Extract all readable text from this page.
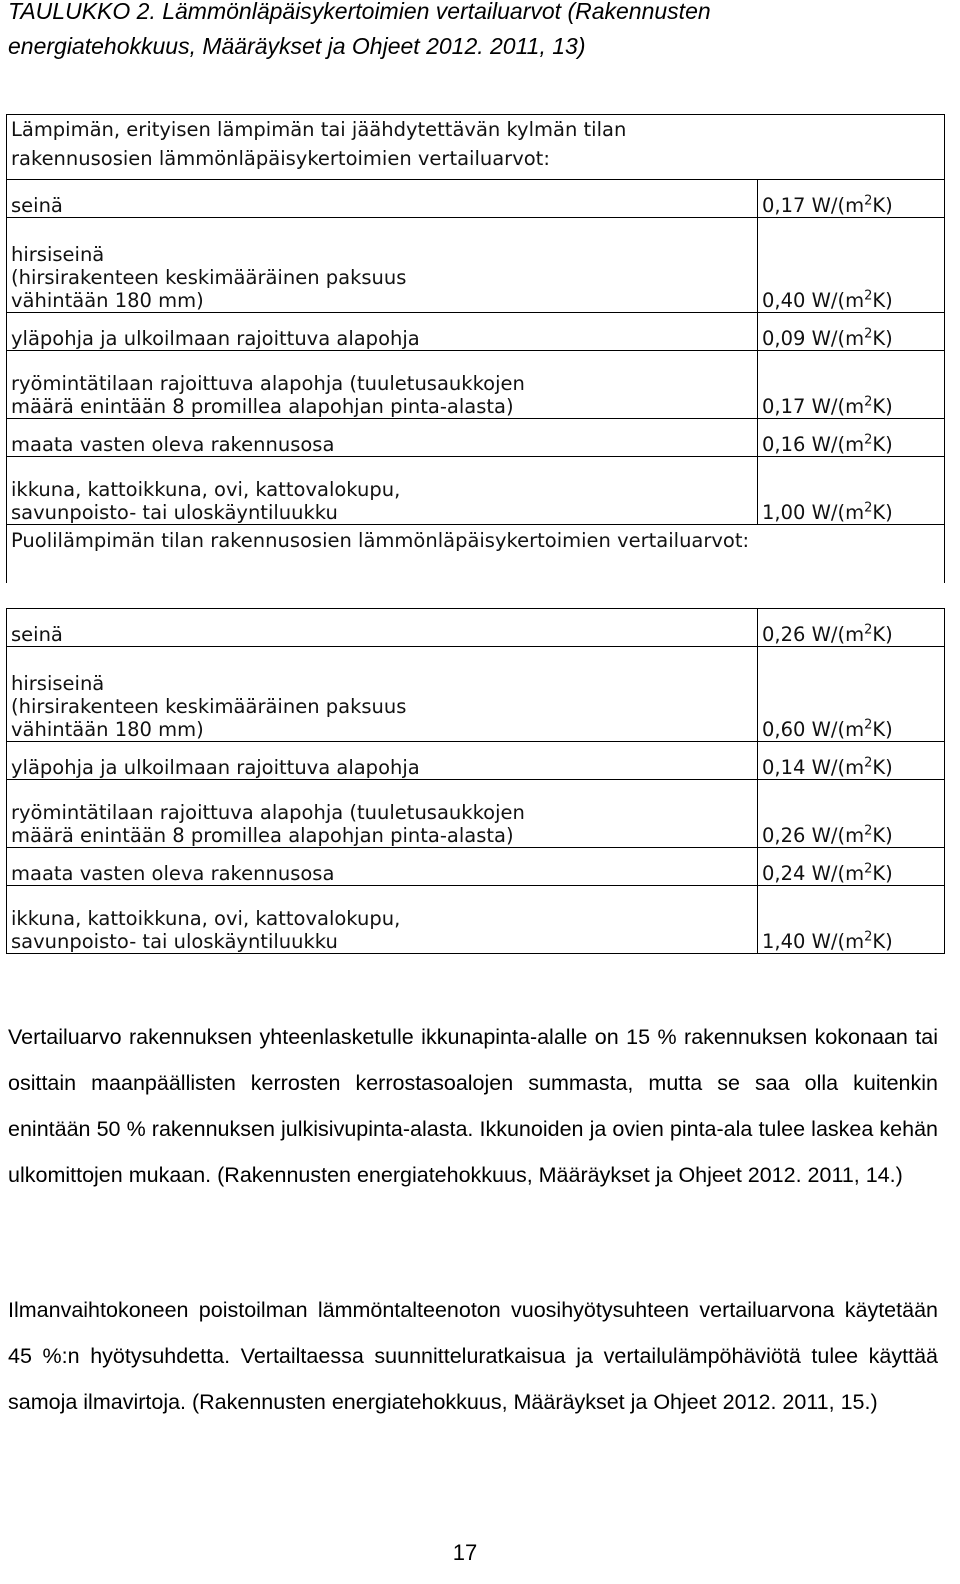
TAULUKKO 2. Lämmönläpäisykertoimien vertailuarvot (Rakennusten
energiatehokkuus, Määräykset ja Ohjeet 2012. 2011, 13)
Lämpimän, erityisen lämpimän tai jäähdytettävän kylmän tilan
rakennusosien lämmönläpäisykertoimien vertailuarvot:	
seinä	0,17 $W/(m^2K)$
hirsiseinä
(hirsirakenteen keskimääräinen paksuus
vähintään 180 mm)	0,40 $W/(m^2K)$
yläpohja ja ulkoilmaan rajoittuva alapohja	0,09 $W/(m^2K)$
ryömintätilaan rajoittuva alapohja (tuuletusaukkojen
määrä enintään 8 promillea alapohjan pinta-alasta)	0,17 $W/(m^2K)$
maata vasten oleva rakennusosa	0,16 $W/(m^2K)$
ikkuna, kattoikkuna, ovi, kattovalokupu,
savunpoisto- tai uloskäyntiluukku	1,00 $W/(m^2K)$
Puolilämpimän tilan rakennusosien lämmönläpäisykertoimien vertailuarvot:	
seinä	0,26 $W/(m^2K)$
hirsiseinä
(hirsirakenteen keskimääräinen paksuus
vähintään 180 mm)	0,60 $W/(m^2K)$
yläpohja ja ulkoilmaan rajoittuva alapohja	0,14 $W/(m^2K)$
ryömintätilaan rajoittuva alapohja (tuuletusaukkojen
määrä enintään 8 promillea alapohjan pinta-alasta)	0,26 $W/(m^2K)$
maata vasten oleva rakennusosa	0,24 $W/(m^2K)$
ikkuna, kattoikkuna, ovi, kattovalokupu,
savunpoisto- tai uloskäyntiluukku	1,40 $W/(m^2K)$

Vertailuarvo rakennuksen yhteenlasketulle ikkunapinta-alalle on 15 % rakennuksen kokonaan tai osittain maanpäällisten kerrosten kerrostasoalojen summasta, mutta se saa olla kuitenkin enintään 50 % rakennuksen julkisivupinta-alasta. Ikkunoiden ja ovien pinta-ala tulee laskea kehän ulkomittojen mukaan. (Rakennusten energiatehokkuus, Määräykset ja Ohjeet 2012. 2011, 14.)

Ilmanvaihtokoneen poistoilman lämmöntalteenoton vuosihyötysuhteen vertailuarvona käytetään 45 %:n hyötysuhdetta. Vertailtaessa suunnitteluratkaisua ja vertailulämpöhäviötä tulee käyttää samoja ilmavirtoja. (Rakennusten energiatehokkuus, Määräykset ja Ohjeet 2012. 2011, 15.)

17
